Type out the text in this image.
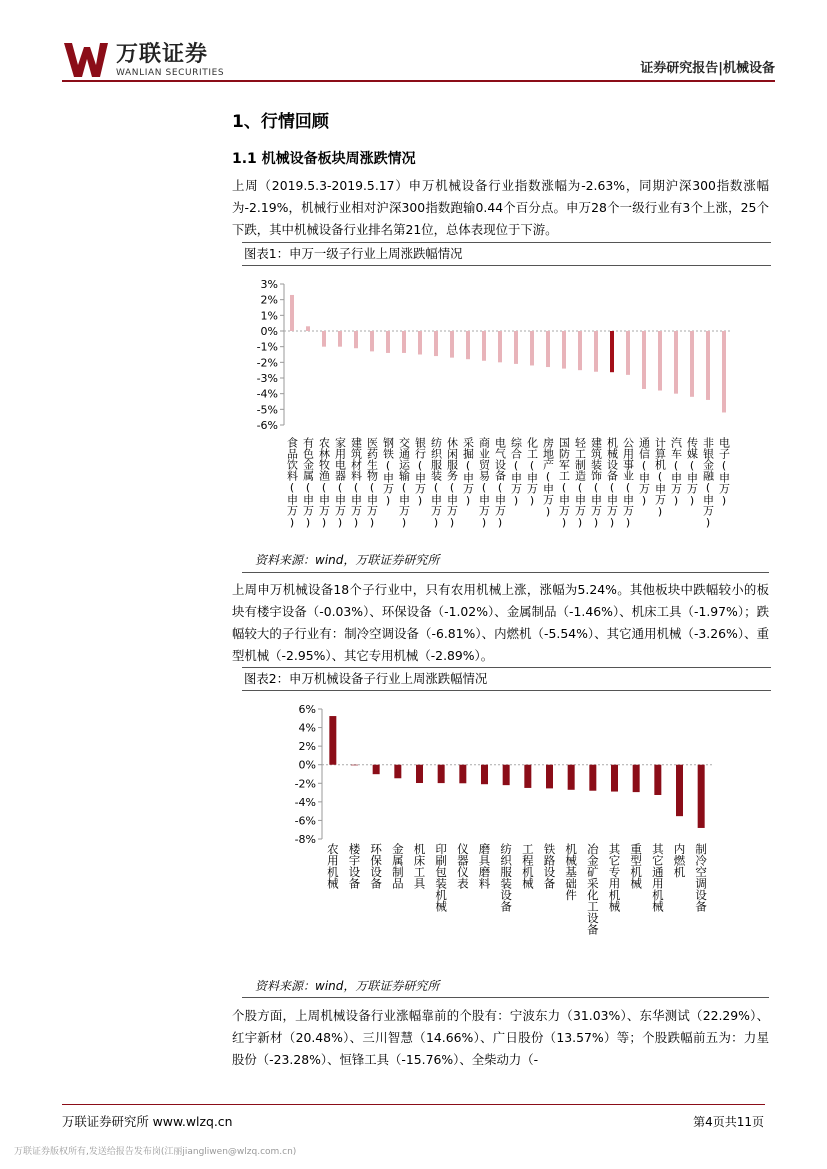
万联证券
WANLIAN SECURITIES	证券研究报告|机械设备
1、行情回顾
1.1 机械设备板块周涨跌情况

上周（2019.5.3-2019.5.17）申万机械设备行业指数涨幅为-2.63%，同期沪深300指数涨幅为-2.19%，机械行业相对沪深300指数跑输0.44个百分点。申万28个一级行业有3个上涨，25个下跌，其中机械设备行业排名第21位，总体表现位于下游。

图表1：申万一级子行业上周涨跌幅情况
3%
2%
1%
0%
-1%
-2%
-3%
-4%
-5%
-6%
食品饮料(申万) 有色金属(申万) 农林牧渔(申万) 家用电器(申万) 建筑材料(申万) 医药生物(申万) 钢铁(申万) 交通运输(申万) 银行(申万) 纺织服装(申万) 休闲服务(申万) 采掘(申万) 商业贸易(申万) 电气设备(申万) 综合(申万) 化工(申万) 房地产(申万) 国防军工(申万) 轻工制造(申万) 建筑装饰(申万) 机械设备(申万) 公用事业(申万) 通信(申万) 计算机(申万) 汽车(申万) 传媒(申万) 非银金融(申万) 电子(申万)
资料来源：wind，万联证券研究所

上周申万机械设备18个子行业中，只有农用机械上涨，涨幅为5.24%。其他板块中跌幅较小的板块有楼宇设备（-0.03%）、环保设备（-1.02%）、金属制品（-1.46%）、机床工具（-1.97%）；跌幅较大的子行业有：制冷空调设备（-6.81%）、内燃机（-5.54%）、其它通用机械（-3.26%）、重型机械（-2.95%）、其它专用机械（-2.89%）。

图表2：申万机械设备子行业上周涨跌幅情况
6%
4%
2%
0%
-2%
-4%
-6%
-8%
农用机械 楼宇设备 环保设备 金属制品 机床工具 印刷包装机械 仪器仪表 磨具磨料 纺织服装设备 工程机械 铁路设备 机械基础件 冶金矿采化工设备 其它专用机械 重型机械 其它通用机械 内燃机 制冷空调设备
资料来源：wind，万联证券研究所

个股方面，上周机械设备行业涨幅靠前的个股有：宁波东力（31.03%）、东华测试（22.29%）、红宇新材（20.48%）、三川智慧（14.66%）、广日股份（13.57%）等；个股跌幅前五为：力星股份（-23.28%）、恒锋工具（-15.76%）、全柴动力（-

万联证券研究所 www.wlzq.cn	第4页共11页
万联证券版权所有,发送给报告发布岗(江丽jiangliwen@wlzq.com.cn)
